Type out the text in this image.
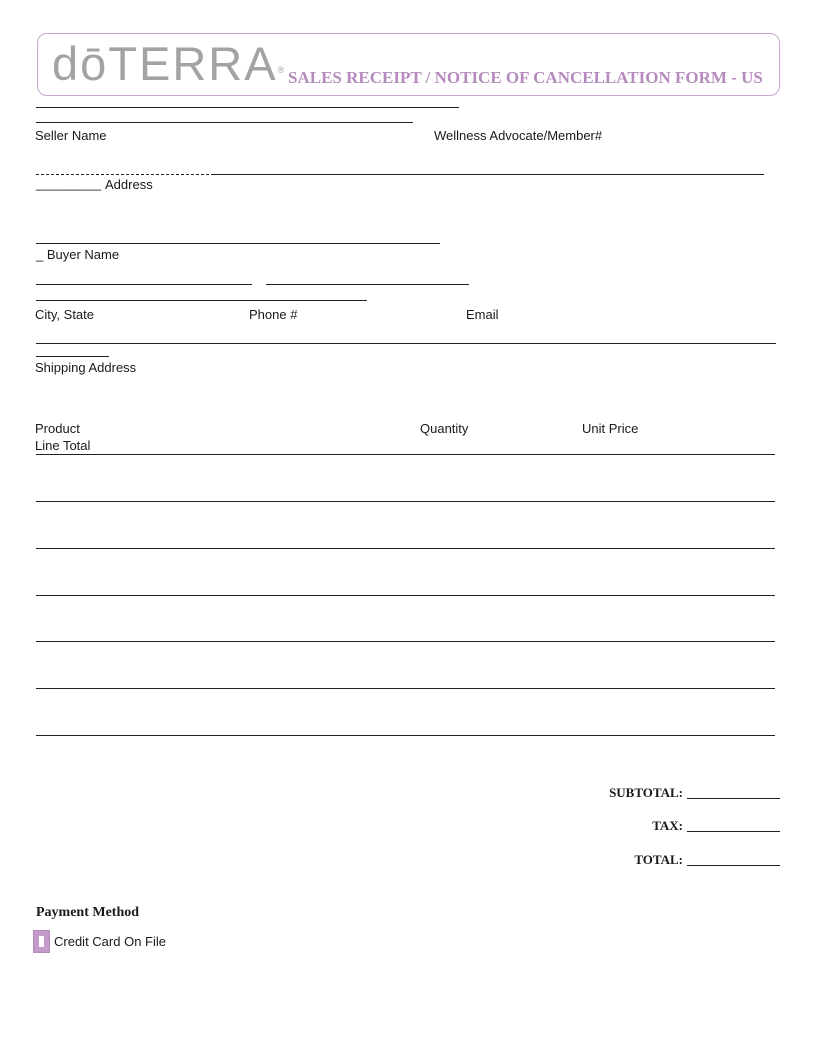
dōTERRA® SALES RECEIPT / NOTICE OF CANCELLATION FORM - US
Seller Name	Wellness Advocate/Member#
_________ Address
_ Buyer Name
City, State	Phone #	Email
Shipping Address
Product	Quantity	Unit Price
Line Total
SUBTOTAL:
TAX:
TOTAL:
Payment Method
Credit Card On File
